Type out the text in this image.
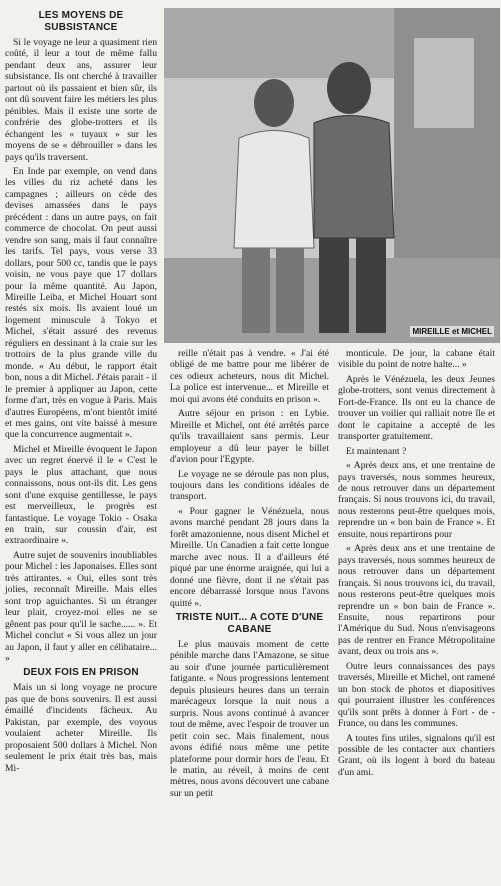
LES MOYENS DE SUBSISTANCE

Si le voyage ne leur a quasiment rien coûté, il leur a tout de même fallu pendant deux ans, assurer leur subsistance. Ils ont cherché à travailler partout où ils passaient et bien sûr, ils ont dû souvent faire les métiers les plus pénibles. Mais il existe une sorte de confrérie des globe-trotters et ils échangent les « tuyaux » sur les moyens de se « débrouiller » dans les pays qu'ils traversent.

En Inde par exemple, on vend dans les villes du riz acheté dans les campagnes ; ailleurs on cède des devises amassées dans le pays précédent : dans un autre pays, on fait commerce de chocolat. On peut aussi vendre son sang, mais il faut connaître les tarifs. Tel pays, vous verse 33 dollars, pour 500 cc, tandis que le pays voisin, ne vous paye que 17 dollars pour la même quantité. Au Japon, Mireille Leiba, et Michel Houart sont restés six mois. Ils avaient loué un logement minuscule à Tokyo et Michel, s'était assuré des revenus réguliers en dessinant à la craie sur les trottoirs de la plus grande ville du monde. « Au début, le rapport était bon, nous a dit Michel. J'étais parait - il le premier à appliquer au Japon, cette forme d'art, très en vogue à Paris. Mais d'autres Européens, m'ont bientôt imité et mes gains, ont vite baissé à mesure que la concurrence augmentait ».

Michel et Mireille évoquent le Japon avec un regret énervé il le « C'est le pays le plus attachant, que nous connaissons, nous ont-ils dit. Les gens sont d'une exquise gentillesse, le pays est merveilleux, le progrès est fantastique. Le voyage Tokio - Osaka en train, sur coussin d'air, est extraordinaire ».

Autre sujet de souvenirs inoubliables pour Michel : les Japonaises. Elles sont très attirantes. « Oui, elles sont très jolies, reconnaît Mireille. Mais elles sont trop aguichantes. Si un étranger leur plait, croyez-moi elles ne se gênent pas pour qu'il le sache...... ». Et Michel conclut « Si vous allez un jour au Japon, il faut y aller en célibataire... »

DEUX FOIS EN PRISON

Mais un si long voyage ne procure pas que de bons souvenirs. Il est aussi émaillé d'incidents fâcheux. Au Pakistan, par exemple, des voyous voulaient acheter Mireille. Ils proposaient 500 dollars à Michel. Non seulement le prix était très bas, mais Mi-

MIREILLE et MICHEL

reille n'était pas à vendre. « J'ai été obligé de me battre pour me libérer de ces odieux acheteurs, nous dit Michel. La police est intervenue... et Mireille et moi qui avons été conduits en prison ».

Autre séjour en prison : en Lybie. Mireille et Michel, ont été arrêtés parce qu'ils travaillaient sans permis. Leur employeur a dû leur payer le billet d'avion pour l'Egypte.

Le voyage ne se déroule pas non plus, toujours dans les conditions idéales de transport.

« Pour gagner le Vénézuela, nous avons marché pendant 28 jours dans la forêt amazonienne, nous disent Michel et Mireille. Un Canadien a fait cette longue marche avec nous. Il a d'ailleurs été piqué par une énorme araignée, qui lui a donné une fièvre, dont il ne s'était pas encore débarrassé lorsque nous l'avons quitté ».

TRISTE NUIT... A COTE D'UNE CABANE

Le plus mauvais moment de cette pénible marche dans l'Amazone, se situe au soir d'une journée particulièrement fatigante. « Nous progressions lentement depuis plusieurs heures dans un terrain marécageux lorsque la nuit nous a surpris. Nous avons continué à avancer tout de même, avec l'espoir de trouver un petit coin sec. Mais finalement, nous avons édifié nous même une petite plateforme pour dormir hors de l'eau. Et le matin, au réveil, à moins de cent mètres, nous avons découvert une cabane sur un petit

monticule. De jour, la cabane était visible du point de notre halte... »

Après le Vénézuela, les deux Jeunes globe-trotters, sont venus directement à Fort-de-France. Ils ont eu la chance de trouver un voilier qui ralliait notre île et dont le capitaine a accepté de les transporter gratuitement.

Et maintenant ?

« Après deux ans, et une trentaine de pays traversés, nous sommes heureux, de nous retrouver dans un département français. Si nous trouvons ici, du travail, nous resterons peut-être quelques mois, reprendre un « bon bain de France ». Et ensuite, nous repartirons pour

« Après deux ans et une trentaine de pays traversés, nous sommes heureux de nous retrouver dans un département français. Si nous trouvons ici, du travail, nous resterons peut-être quelques mois reprendre un « bon bain de France ». Ensuite, nous repartirons pour l'Amérique du Sud. Nous n'envisageons pas de rentrer en France Métropolitaine avant, deux ou trois ans ».

Outre leurs connaissances des pays traversés, Mireille et Michel, ont ramené un bon stock de photos et diapositives qui pourraient illustrer les conférences qu'ils sont prêts à donner à Fort - de - France, ou dans les communes.

A toutes fins utiles, signalons qu'il est possible de les contacter aux chantiers Grant, où ils logent à bord du bateau d'un ami.
